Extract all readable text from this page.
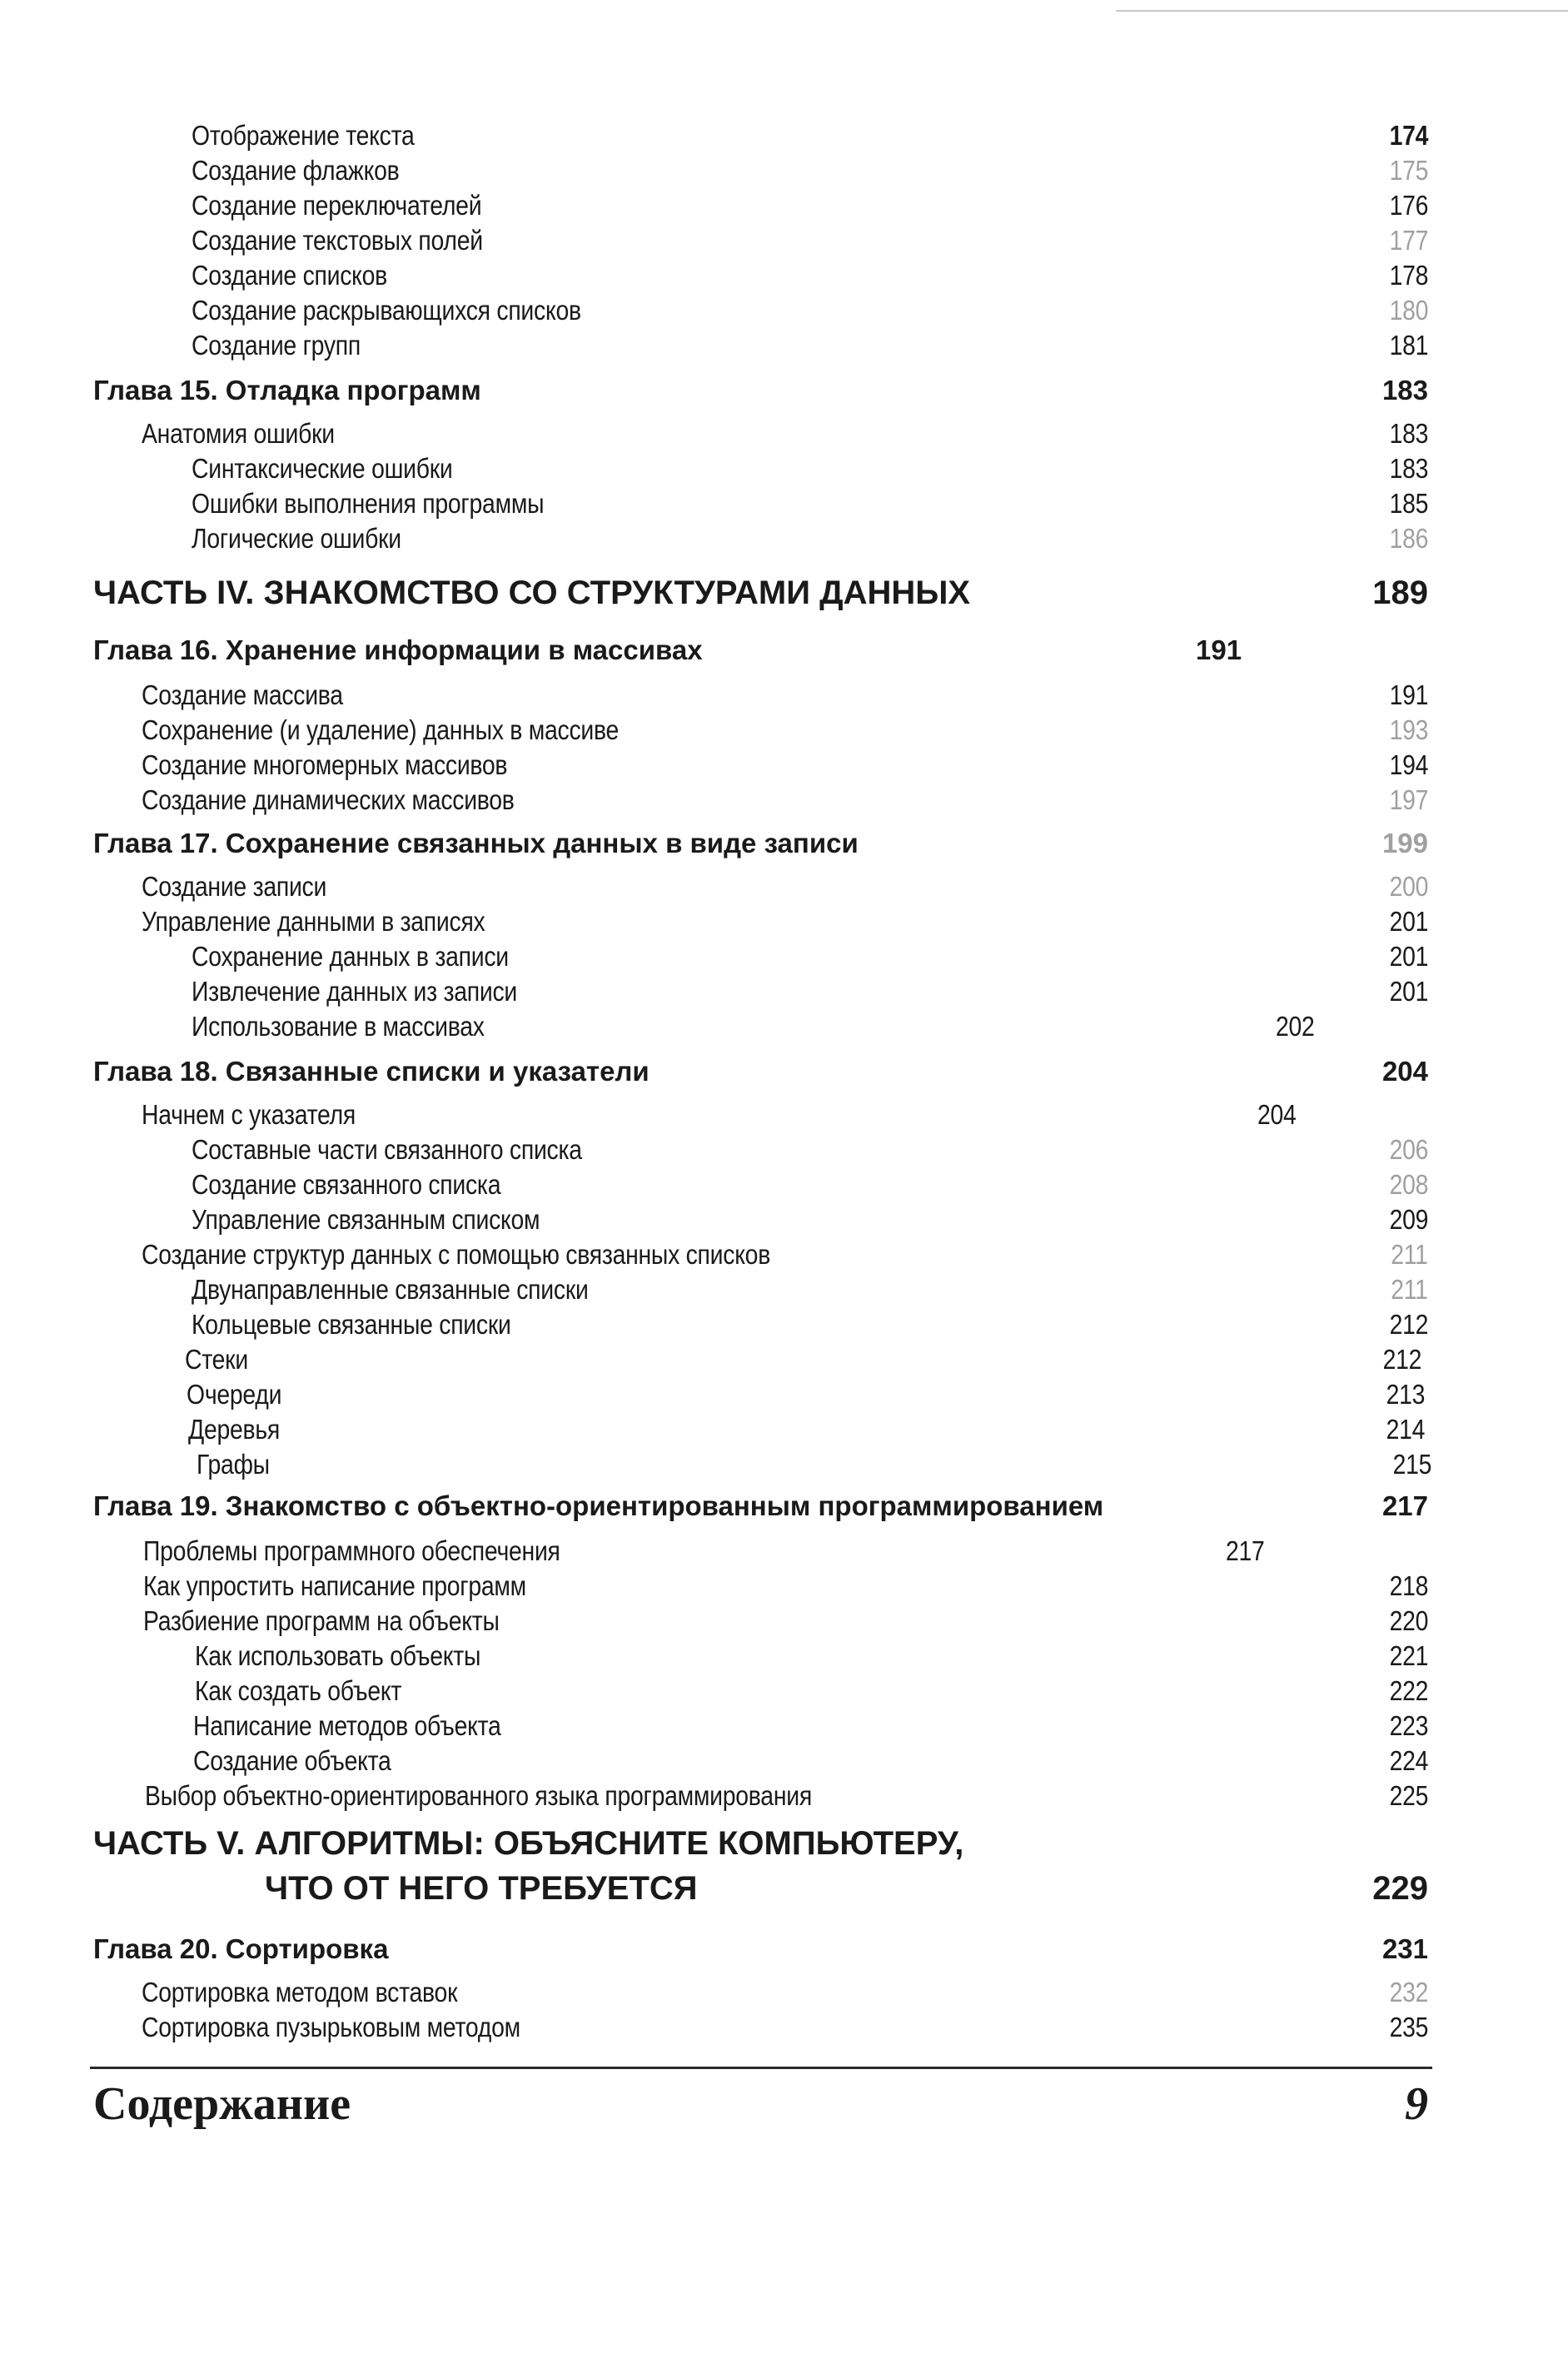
Отображение текста	174
Создание флажков	175
Создание переключателей	176
Создание текстовых полей	177
Создание списков	178
Создание раскрывающихся списков	180
Создание групп	181
Глава 15. Отладка программ	183
Анатомия ошибки	183
Синтаксические ошибки	183
Ошибки выполнения программы	185
Логические ошибки	186
ЧАСТЬ IV. ЗНАКОМСТВО СО СТРУКТУРАМИ ДАННЫХ	189
Глава 16. Хранение информации в массивах	191
Создание массива	191
Сохранение (и удаление) данных в массиве	193
Создание многомерных массивов	194
Создание динамических массивов	197
Глава 17. Сохранение связанных данных в виде записи	199
Создание записи	200
Управление данными в записях	201
Сохранение данных в записи	201
Извлечение данных из записи	201
Использование в массивах	202
Глава 18. Связанные списки и указатели	204
Начнем с указателя	204
Составные части связанного списка	206
Создание связанного списка	208
Управление связанным списком	209
Создание структур данных с помощью связанных списков	211
Двунаправленные связанные списки	211
Кольцевые связанные списки	212
Стеки	212
Очереди	213
Деревья	214
Графы	215
Глава 19. Знакомство с объектно-ориентированным программированием	217
Проблемы программного обеспечения	217
Как упростить написание программ	218
Разбиение программ на объекты	220
Как использовать объекты	221
Как создать объект	222
Написание методов объекта	223
Создание объекта	224
Выбор объектно-ориентированного языка программирования	225
ЧАСТЬ V. АЛГОРИТМЫ: ОБЪЯСНИТЕ КОМПЬЮТЕРУ,
ЧТО ОТ НЕГО ТРЕБУЕТСЯ	229
Глава 20. Сортировка	231
Сортировка методом вставок	232
Сортировка пузырьковым методом	235
Содержание	9
